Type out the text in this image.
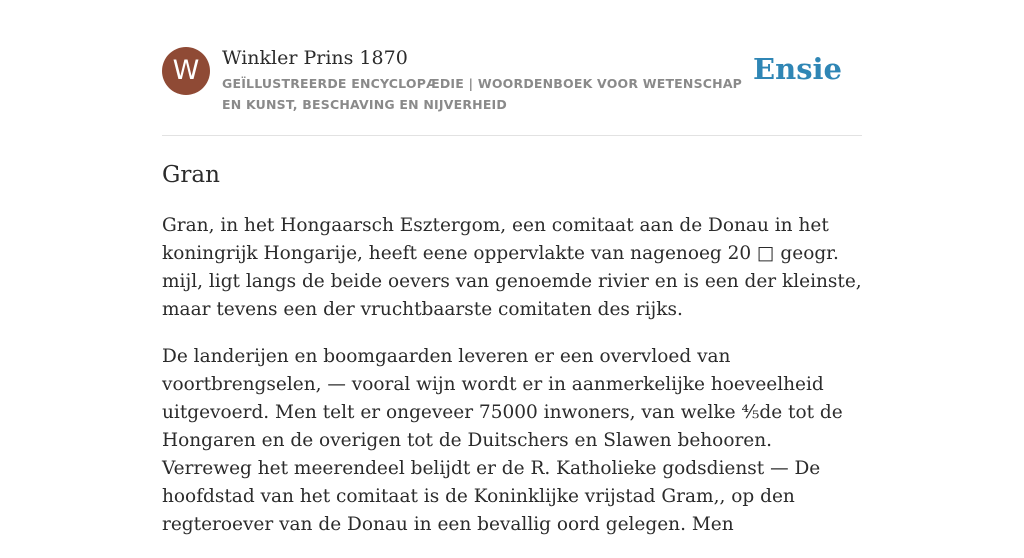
W	Winkler Prins 1870
GEÏLLUSTREERDE ENCYCLOPÆDIE | WOORDENBOEK VOOR WETENSCHAP EN KUNST, BESCHAVING EN NIJVERHEID
Ensie
Gran

Gran, in het Hongaarsch Esztergom, een comitaat aan de Donau in het koningrijk Hongarije, heeft eene oppervlakte van nagenoeg 20 □ geogr. mijl, ligt langs de beide oevers van genoemde rivier en is een der kleinste, maar tevens een der vruchtbaarste comitaten des rijks.

De landerijen en boomgaarden leveren er een overvloed van voortbrengselen, — vooral wijn wordt er in aanmerkelijke hoeveelheid uitgevoerd. Men telt er ongeveer 75000 inwoners, van welke ⅘de tot de Hongaren en de overigen tot de Duitschers en Slawen behooren. Verreweg het meerendeel belijdt er de R. Katholieke godsdienst — De hoofdstad van het comitaat is de Koninklijke vrijstad Gram,, op den regteroever van de Donau in een bevallig oord gelegen. Men
